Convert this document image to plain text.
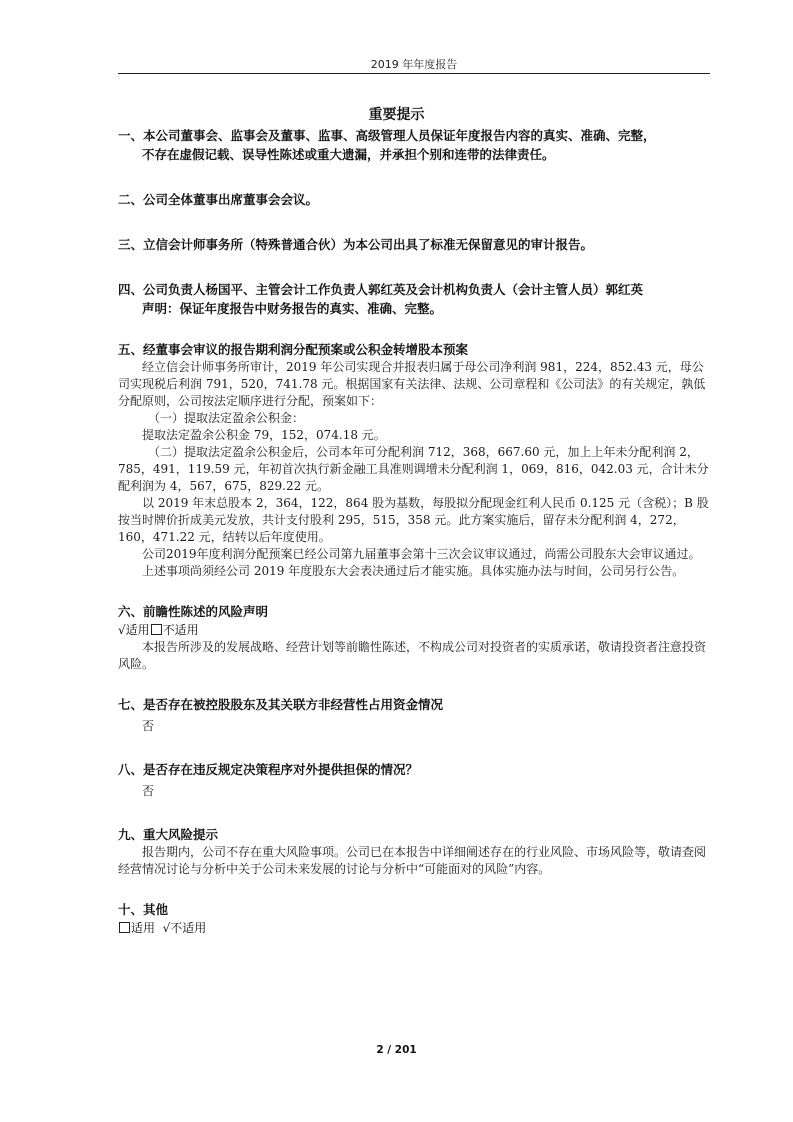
2019 年年度报告
重要提示

一、本公司董事会、监事会及董事、监事、高级管理人员保证年度报告内容的真实、准确、完整，

不存在虚假记载、误导性陈述或重大遗漏，并承担个别和连带的法律责任。

二、公司全体董事出席董事会会议。

三、立信会计师事务所（特殊普通合伙）为本公司出具了标准无保留意见的审计报告。

四、公司负责人杨国平、主管会计工作负责人郭红英及会计机构负责人（会计主管人员）郭红英

声明：保证年度报告中财务报告的真实、准确、完整。

五、经董事会审议的报告期利润分配预案或公积金转增股本预案

经立信会计师事务所审计，2019 年公司实现合并报表归属于母公司净利润 981，224，852.43 元，母公司实现税后利润 791，520，741.78 元。根据国家有关法律、法规、公司章程和《公司法》的有关规定，孰低分配原则，公司按法定顺序进行分配，预案如下：

（一）提取法定盈余公积金：

提取法定盈余公积金 79，152，074.18 元。

（二）提取法定盈余公积金后，公司本年可分配利润 712，368，667.60 元，加上上年未分配利润 2，785，491，119.59 元，年初首次执行新金融工具准则调增未分配利润 1，069，816，042.03 元，合计未分配利润为 4，567，675，829.22 元。

以 2019 年末总股本 2，364，122，864 股为基数，每股拟分配现金红利人民币 0.125 元（含税）；B 股按当时牌价折成美元发放，共计支付股利 295，515，358 元。此方案实施后，留存未分配利润 4，272，160，471.22 元，结转以后年度使用。

公司2019年度利润分配预案已经公司第九届董事会第十三次会议审议通过，尚需公司股东大会审议通过。

上述事项尚须经公司 2019 年度股东大会表决通过后才能实施。具体实施办法与时间，公司另行公告。

六、前瞻性陈述的风险声明

√适用 不适用

本报告所涉及的发展战略、经营计划等前瞻性陈述，不构成公司对投资者的实质承诺，敬请投资者注意投资风险。

七、是否存在被控股股东及其关联方非经营性占用资金情况

否

八、是否存在违反规定决策程序对外提供担保的情况？

否

九、重大风险提示

报告期内，公司不存在重大风险事项。公司已在本报告中详细阐述存在的行业风险、市场风险等，敬请查阅经营情况讨论与分析中关于公司未来发展的讨论与分析中“可能面对的风险”内容。

十、其他

适用 √不适用
2 / 201
